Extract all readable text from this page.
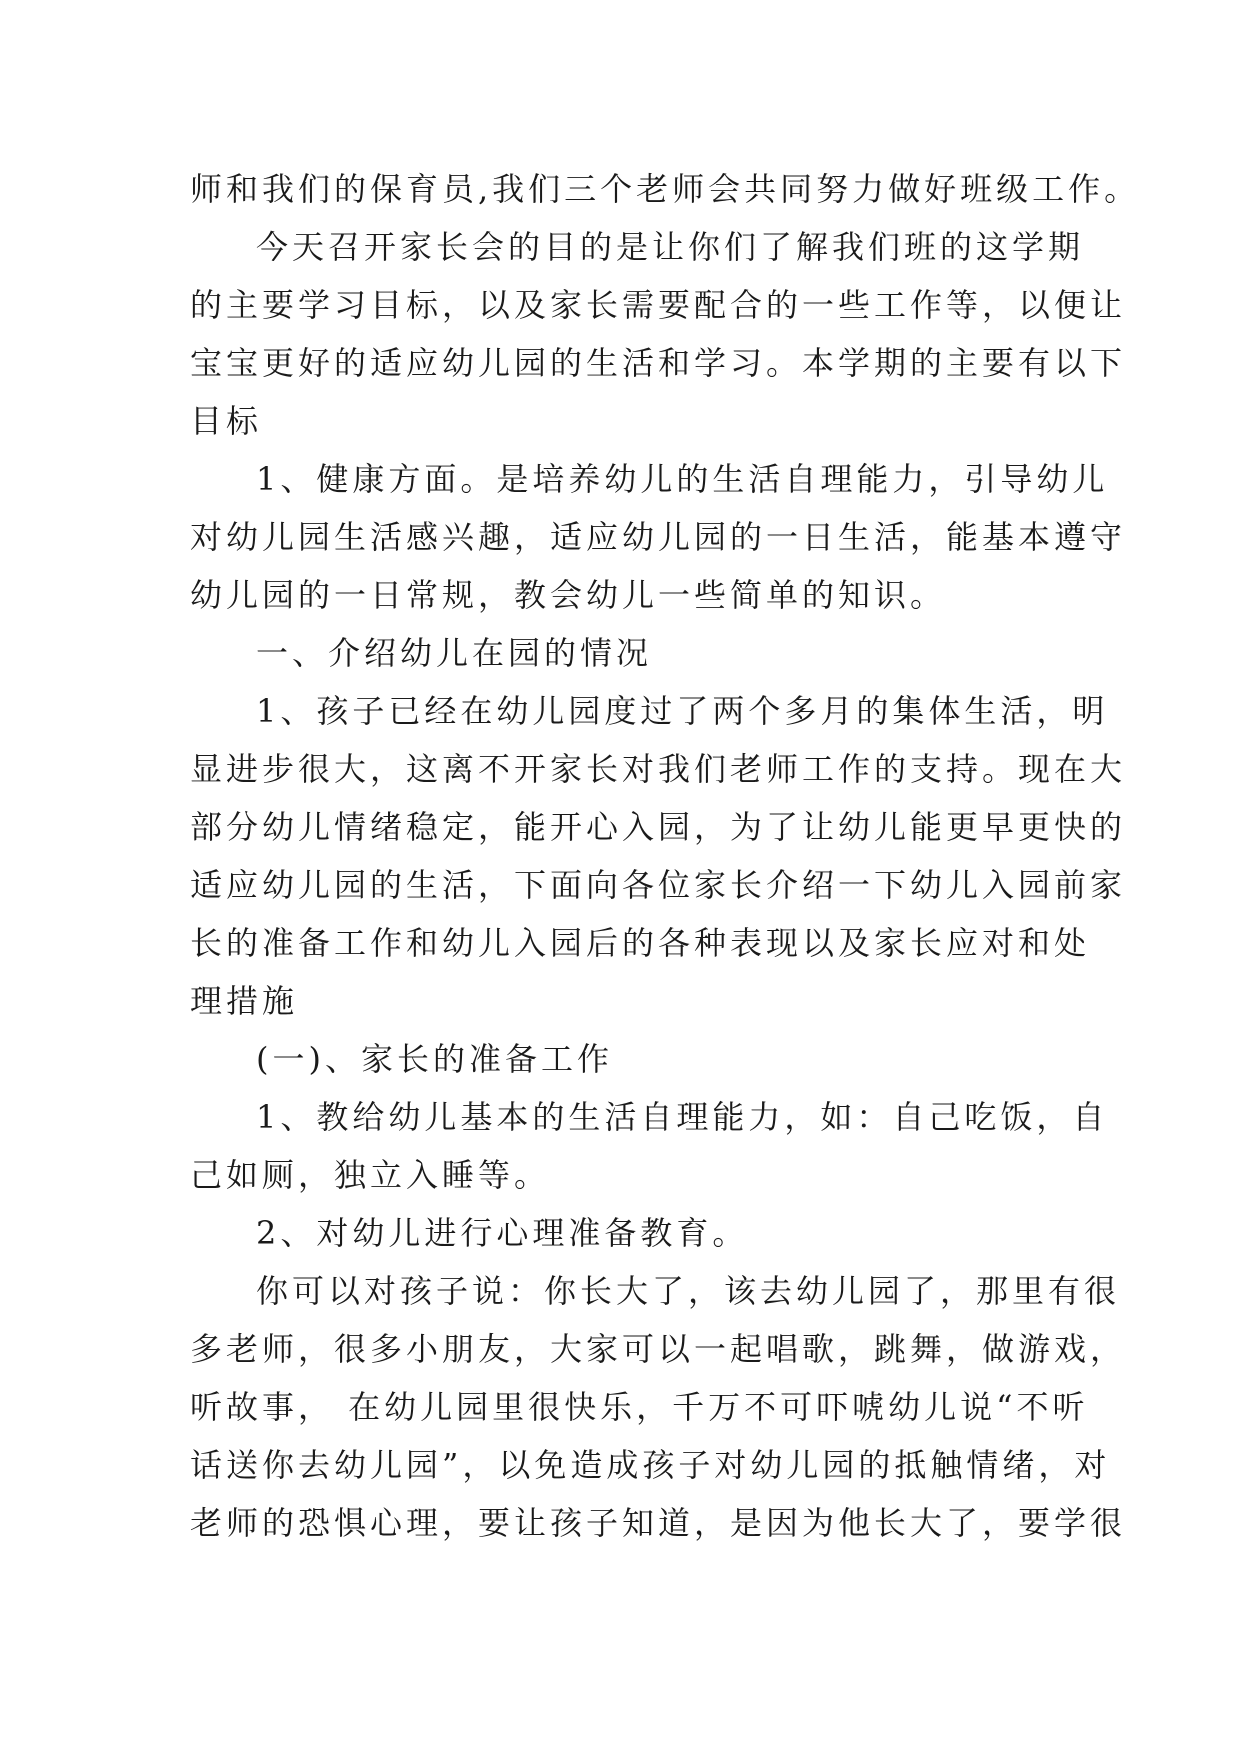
师和我们的保育员,我们三个老师会共同努力做好班级工作。
今天召开家长会的目的是让你们了解我们班的这学期
的主要学习目标，以及家长需要配合的一些工作等，以便让
宝宝更好的适应幼儿园的生活和学习。本学期的主要有以下
目标
1、健康方面。是培养幼儿的生活自理能力，引导幼儿
对幼儿园生活感兴趣，适应幼儿园的一日生活，能基本遵守
幼儿园的一日常规，教会幼儿一些简单的知识。
一、介绍幼儿在园的情况
1、孩子已经在幼儿园度过了两个多月的集体生活，明
显进步很大，这离不开家长对我们老师工作的支持。现在大
部分幼儿情绪稳定，能开心入园，为了让幼儿能更早更快的
适应幼儿园的生活，下面向各位家长介绍一下幼儿入园前家
长的准备工作和幼儿入园后的各种表现以及家长应对和处
理措施
(一)、家长的准备工作
1、教给幼儿基本的生活自理能力，如：自己吃饭，自
己如厕，独立入睡等。
2、对幼儿进行心理准备教育。
你可以对孩子说：你长大了，该去幼儿园了，那里有很
多老师，很多小朋友，大家可以一起唱歌，跳舞，做游戏，
听故事， 在幼儿园里很快乐，千万不可吓唬幼儿说“不听
话送你去幼儿园”，以免造成孩子对幼儿园的抵触情绪，对
老师的恐惧心理，要让孩子知道，是因为他长大了，要学很
